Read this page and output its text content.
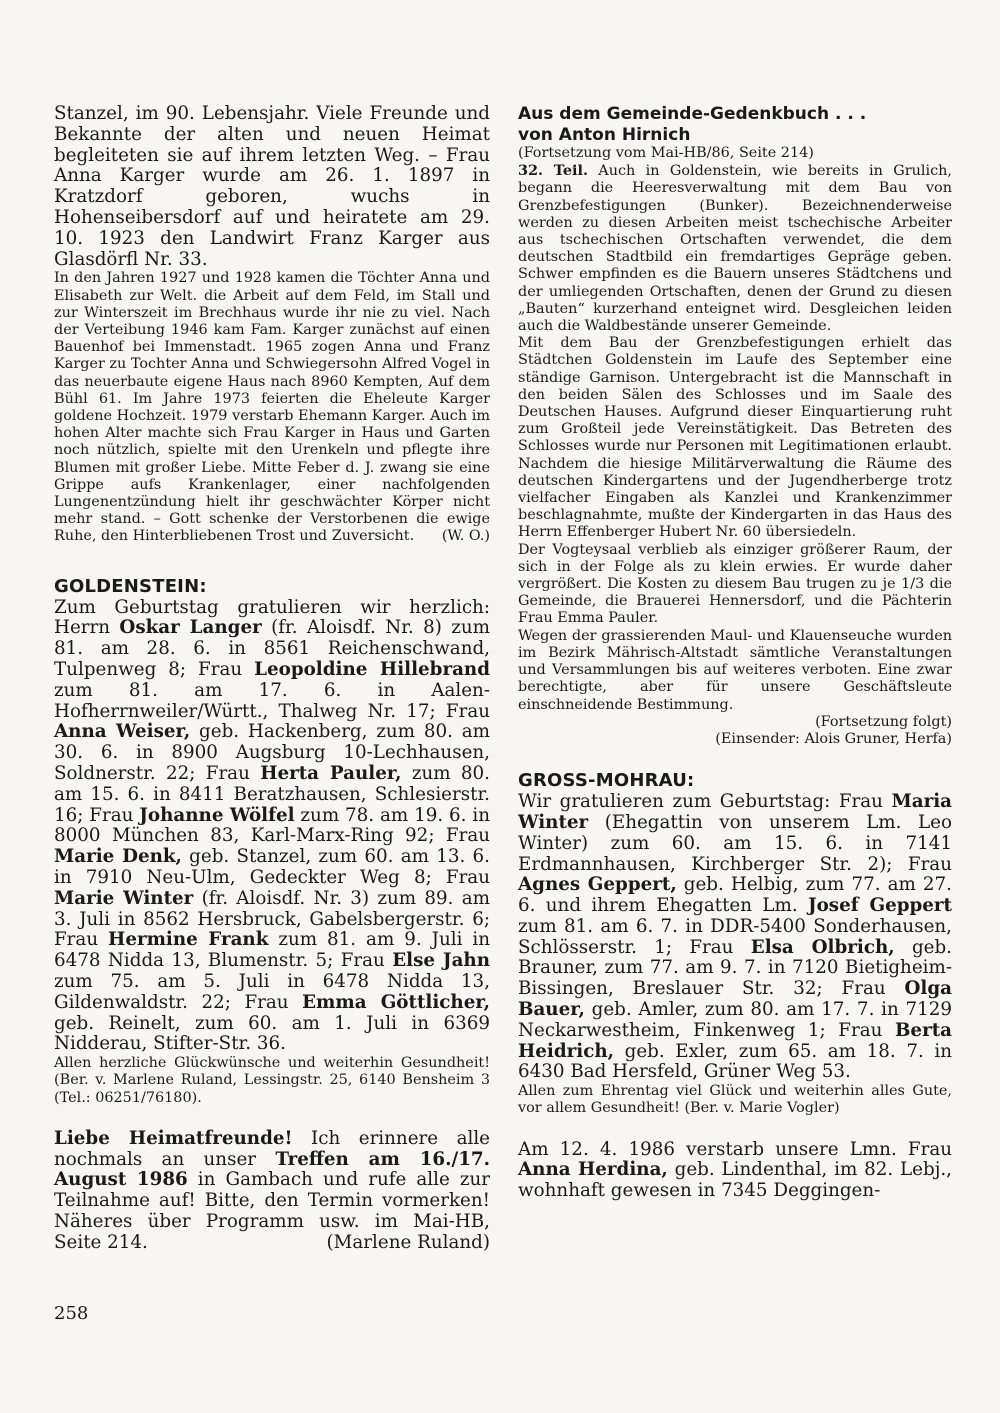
Stanzel, im 90. Lebensjahr. Viele Freunde und Bekannte der alten und neuen Heimat begleiteten sie auf ihrem letzten Weg. – Frau Anna Karger wurde am 26. 1. 1897 in Kratzdorf geboren, wuchs in Hohenseibersdorf auf und heiratete am 29. 10. 1923 den Landwirt Franz Karger aus Glasdörfl Nr. 33.

In den Jahren 1927 und 1928 kamen die Töchter Anna und Elisabeth zur Welt. die Arbeit auf dem Feld, im Stall und zur Winterszeit im Brechhaus wurde ihr nie zu viel. Nach der Verteibung 1946 kam Fam. Karger zunächst auf einen Bauenhof bei Immenstadt. 1965 zogen Anna und Franz Karger zu Tochter Anna und Schwiegersohn Alfred Vogel in das neuerbaute eigene Haus nach 8960 Kempten, Auf dem Bühl 61. Im Jahre 1973 feierten die Eheleute Karger goldene Hochzeit. 1979 verstarb Ehemann Karger. Auch im hohen Alter machte sich Frau Karger in Haus und Garten noch nützlich, spielte mit den Urenkeln und pflegte ihre Blumen mit großer Liebe. Mitte Feber d. J. zwang sie eine Grippe aufs Krankenlager, einer nachfolgenden Lungenentzündung hielt ihr geschwächter Körper nicht mehr stand. – Gott schenke der Verstorbenen die ewige Ruhe, den Hinterbliebenen Trost und Zuversicht. (W. O.)

GOLDENSTEIN:

Zum Geburtstag gratulieren wir herzlich: Herrn Oskar Langer (fr. Aloisdf. Nr. 8) zum 81. am 28. 6. in 8561 Reichenschwand, Tulpenweg 8; Frau Leopoldine Hillebrand zum 81. am 17. 6. in Aalen-Hofherrnweiler/Württ., Thalweg Nr. 17; Frau Anna Weiser, geb. Hackenberg, zum 80. am 30. 6. in 8900 Augsburg 10-Lechhausen, Soldnerstr. 22; Frau Herta Pauler, zum 80. am 15. 6. in 8411 Beratzhausen, Schlesierstr. 16; Frau Johanne Wölfel zum 78. am 19. 6. in 8000 München 83, Karl-Marx-Ring 92; Frau Marie Denk, geb. Stanzel, zum 60. am 13. 6. in 7910 Neu-Ulm, Gedeckter Weg 8; Frau Marie Winter (fr. Aloisdf. Nr. 3) zum 89. am 3. Juli in 8562 Hersbruck, Gabelsbergerstr. 6; Frau Hermine Frank zum 81. am 9. Juli in 6478 Nidda 13, Blumenstr. 5; Frau Else Jahn zum 75. am 5. Juli in 6478 Nidda 13, Gildenwaldstr. 22; Frau Emma Göttlicher, geb. Reinelt, zum 60. am 1. Juli in 6369 Nidderau, Stifter-Str. 36.

Allen herzliche Glückwünsche und weiterhin Gesundheit! (Ber. v. Marlene Ruland, Lessingstr. 25, 6140 Bensheim 3 (Tel.: 06251/76180).

Liebe Heimatfreunde! Ich erinnere alle nochmals an unser Treffen am 16./17. August 1986 in Gambach und rufe alle zur Teilnahme auf! Bitte, den Termin vormerken! Näheres über Programm usw. im Mai-HB, Seite 214.	(Marlene Ruland)

Aus dem Gemeinde-Gedenkbuch . . .

von Anton Hirnich

(Fortsetzung vom Mai-HB/86, Seite 214)

32. Teil. Auch in Goldenstein, wie bereits in Grulich, begann die Heeresverwaltung mit dem Bau von Grenzbefestigungen (Bunker). Bezeichnenderweise werden zu diesen Arbeiten meist tschechische Arbeiter aus tschechischen Ortschaften verwendet, die dem deutschen Stadtbild ein fremdartiges Gepräge geben. Schwer empfinden es die Bauern unseres Städtchens und der umliegenden Ortschaften, denen der Grund zu diesen „Bauten“ kurzerhand enteignet wird. Desgleichen leiden auch die Waldbestände unserer Gemeinde.

Mit dem Bau der Grenzbefestigungen erhielt das Städtchen Goldenstein im Laufe des September eine ständige Garnison. Untergebracht ist die Mannschaft in den beiden Sälen des Schlosses und im Saale des Deutschen Hauses. Aufgrund dieser Einquartierung ruht zum Großteil jede Vereinstätigkeit. Das Betreten des Schlosses wurde nur Personen mit Legitimationen erlaubt. Nachdem die hiesige Militärverwaltung die Räume des deutschen Kindergartens und der Jugendherberge trotz vielfacher Eingaben als Kanzlei und Krankenzimmer beschlagnahmte, mußte der Kindergarten in das Haus des Herrn Effenberger Hubert Nr. 60 übersiedeln.

Der Vogteysaal verblieb als einziger größerer Raum, der sich in der Folge als zu klein erwies. Er wurde daher vergrößert. Die Kosten zu diesem Bau trugen zu je 1/3 die Gemeinde, die Brauerei Hennersdorf, und die Pächterin Frau Emma Pauler.

Wegen der grassierenden Maul- und Klauenseuche wurden im Bezirk Mährisch-Altstadt sämtliche Veranstaltungen und Versammlungen bis auf weiteres verboten. Eine zwar berechtigte, aber für unsere Geschäftsleute einschneidende Bestimmung.

(Fortsetzung folgt)

(Einsender: Alois Gruner, Herfa)

GROSS-MOHRAU:

Wir gratulieren zum Geburtstag: Frau Maria Winter (Ehegattin von unserem Lm. Leo Winter) zum 60. am 15. 6. in 7141 Erdmannhausen, Kirchberger Str. 2); Frau Agnes Geppert, geb. Helbig, zum 77. am 27. 6. und ihrem Ehegatten Lm. Josef Geppert zum 81. am 6. 7. in DDR-5400 Sonderhausen, Schlösserstr. 1; Frau Elsa Olbrich, geb. Brauner, zum 77. am 9. 7. in 7120 Bietigheim-Bissingen, Breslauer Str. 32; Frau Olga Bauer, geb. Amler, zum 80. am 17. 7. in 7129 Neckarwestheim, Finkenweg 1; Frau Berta Heidrich, geb. Exler, zum 65. am 18. 7. in 6430 Bad Hersfeld, Grüner Weg 53.

Allen zum Ehrentag viel Glück und weiterhin alles Gute, vor allem Gesundheit! (Ber. v. Marie Vogler)

Am 12. 4. 1986 verstarb unsere Lmn. Frau Anna Herdina, geb. Lindenthal, im 82. Lebj., wohnhaft gewesen in 7345 Deggingen-

258
